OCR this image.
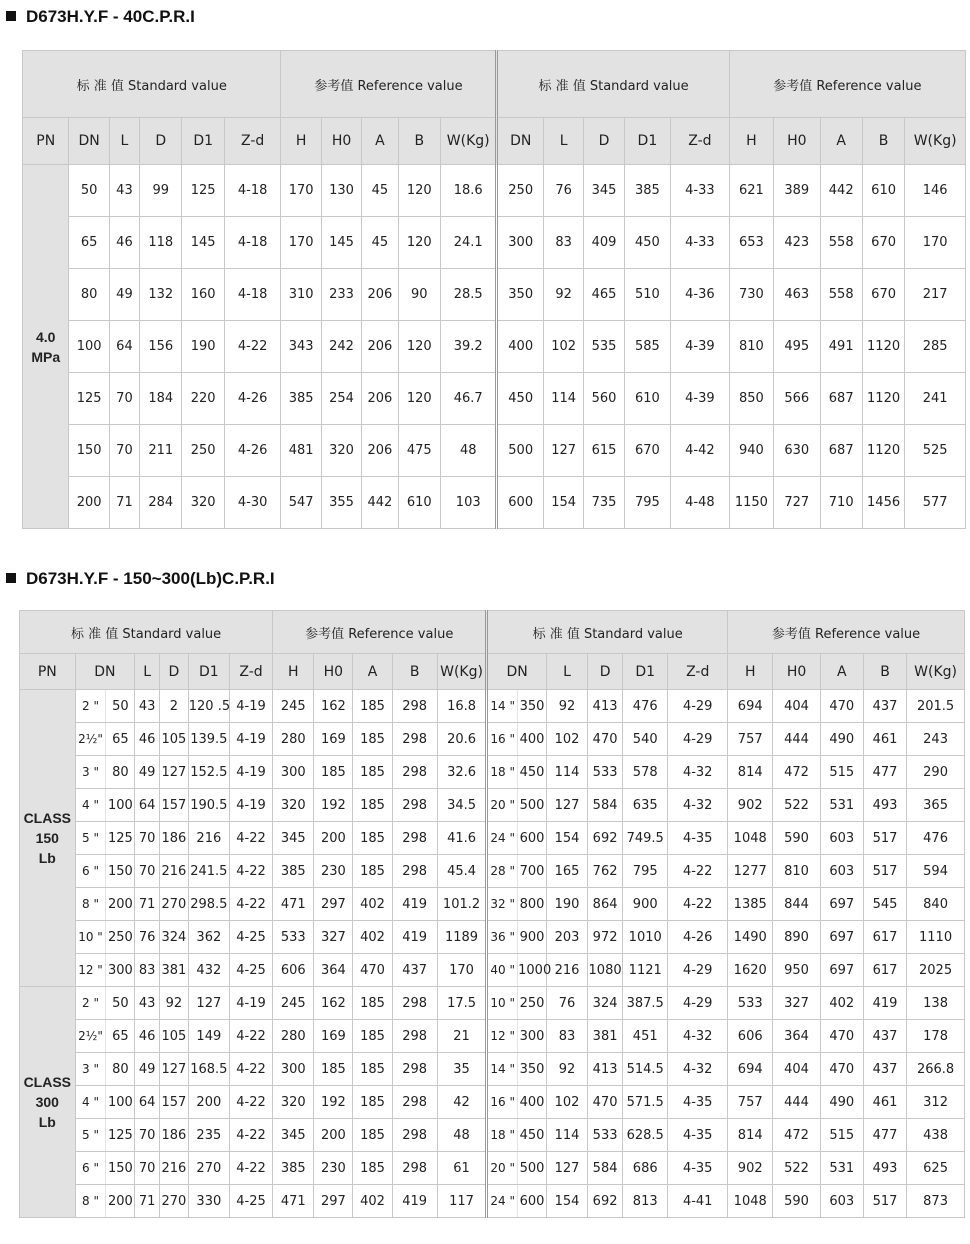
D673H.Y.F - 40C.P.R.I
标 准 值 Standard value						参考值 Reference value					标 准 值 Standard value					参考值 Reference value				
PN	DN	L	D	D1	Z-d	H	H0	A	B	W(Kg)	DN	L	D	D1	Z-d	H	H0	A	B	W(Kg)
4.0
MPa	50	43	99	125	4-18	170	130	45	120	18.6	250	76	345	385	4-33	621	389	442	610	146
	65	46	118	145	4-18	170	145	45	120	24.1	300	83	409	450	4-33	653	423	558	670	170
	80	49	132	160	4-18	310	233	206	90	28.5	350	92	465	510	4-36	730	463	558	670	217
	100	64	156	190	4-22	343	242	206	120	39.2	400	102	535	585	4-39	810	495	491	1120	285
	125	70	184	220	4-26	385	254	206	120	46.7	450	114	560	610	4-39	850	566	687	1120	241
	150	70	211	250	4-26	481	320	206	475	48	500	127	615	670	4-42	940	630	687	1120	525
	200	71	284	320	4-30	547	355	442	610	103	600	154	735	795	4-48	1150	727	710	1456	577
D673H.Y.F - 150~300(Lb)C.P.R.I
标 准 值 Standard value							参考值 Reference value					标 准 值 Standard value						参考值 Reference value				
PN	DN		L	D	D1	Z-d	H	H0	A	B	W(Kg)	DN		L	D	D1	Z-d	H	H0	A	B	W(Kg)
CLASS
150
Lb	2 "	50	43	2	120 .5	4-19	245	162	185	298	16.8	14 "	350	92	413	476	4-29	694	404	470	437	201.5
	2½"	65	46	105	139.5	4-19	280	169	185	298	20.6	16 "	400	102	470	540	4-29	757	444	490	461	243
	3 "	80	49	127	152.5	4-19	300	185	185	298	32.6	18 "	450	114	533	578	4-32	814	472	515	477	290
	4 "	100	64	157	190.5	4-19	320	192	185	298	34.5	20 "	500	127	584	635	4-32	902	522	531	493	365
	5 "	125	70	186	216	4-22	345	200	185	298	41.6	24 "	600	154	692	749.5	4-35	1048	590	603	517	476
	6 "	150	70	216	241.5	4-22	385	230	185	298	45.4	28 "	700	165	762	795	4-22	1277	810	603	517	594
	8 "	200	71	270	298.5	4-22	471	297	402	419	101.2	32 "	800	190	864	900	4-22	1385	844	697	545	840
	10 "	250	76	324	362	4-25	533	327	402	419	1189	36 "	900	203	972	1010	4-26	1490	890	697	617	1110
	12 "	300	83	381	432	4-25	606	364	470	437	170	40 "	1000	216	1080	1121	4-29	1620	950	697	617	2025
CLASS
300
Lb	2 "	50	43	92	127	4-19	245	162	185	298	17.5	10 "	250	76	324	387.5	4-29	533	327	402	419	138
	2½"	65	46	105	149	4-22	280	169	185	298	21	12 "	300	83	381	451	4-32	606	364	470	437	178
	3 "	80	49	127	168.5	4-22	300	185	185	298	35	14 "	350	92	413	514.5	4-32	694	404	470	437	266.8
	4 "	100	64	157	200	4-22	320	192	185	298	42	16 "	400	102	470	571.5	4-35	757	444	490	461	312
	5 "	125	70	186	235	4-22	345	200	185	298	48	18 "	450	114	533	628.5	4-35	814	472	515	477	438
	6 "	150	70	216	270	4-22	385	230	185	298	61	20 "	500	127	584	686	4-35	902	522	531	493	625
	8 "	200	71	270	330	4-25	471	297	402	419	117	24 "	600	154	692	813	4-41	1048	590	603	517	873
